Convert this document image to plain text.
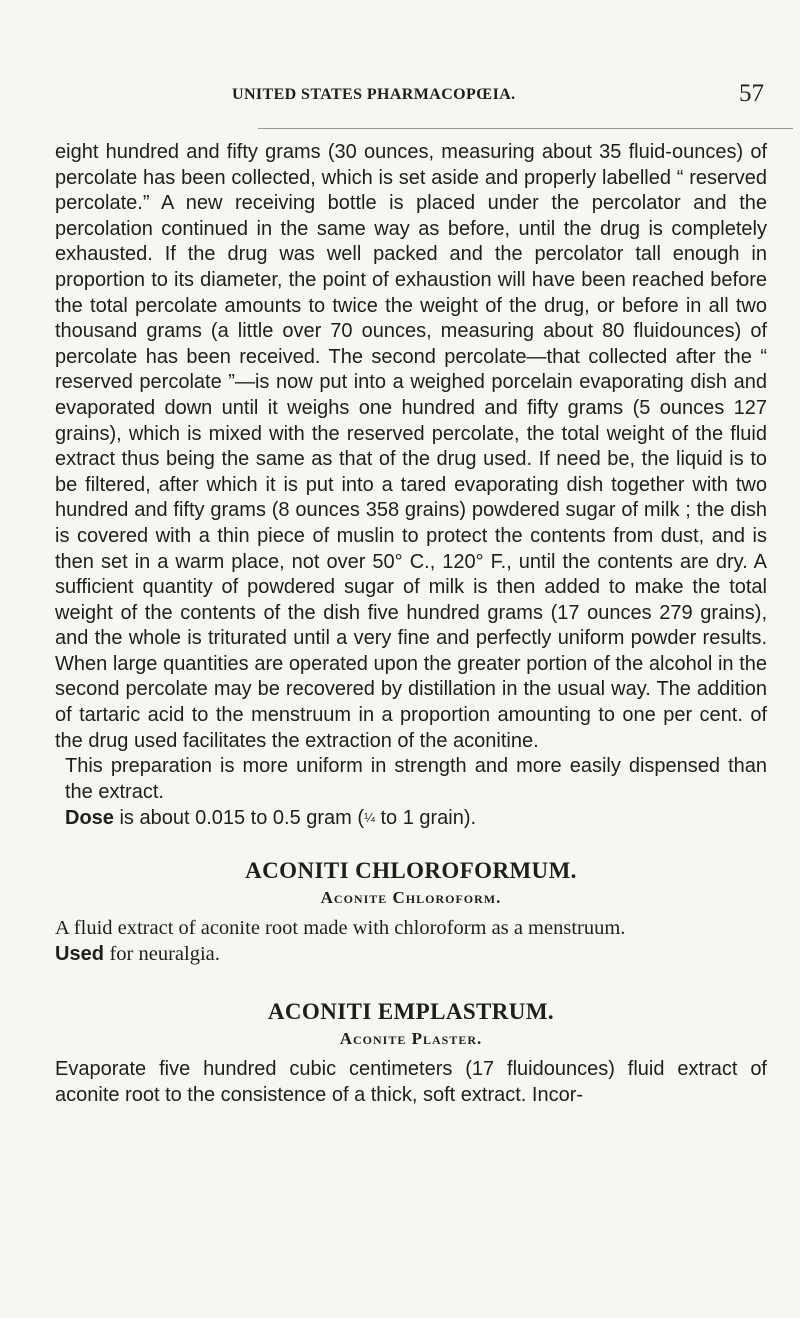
UNITED STATES PHARMACOPŒIA.	57

eight hundred and fifty grams (30 ounces, measuring about 35 fluid-ounces) of percolate has been collected, which is set aside and properly labelled “ reserved percolate.” A new receiving bottle is placed under the percolator and the percolation continued in the same way as before, until the drug is completely exhausted. If the drug was well packed and the percolator tall enough in proportion to its diameter, the point of exhaustion will have been reached before the total percolate amounts to twice the weight of the drug, or before in all two thousand grams (a little over 70 ounces, measuring about 80 fluidounces) of percolate has been received. The second percolate—that collected after the “ reserved percolate ”—is now put into a weighed porcelain evaporating dish and evaporated down until it weighs one hundred and fifty grams (5 ounces 127 grains), which is mixed with the reserved percolate, the total weight of the fluid extract thus being the same as that of the drug used. If need be, the liquid is to be filtered, after which it is put into a tared evaporating dish together with two hundred and fifty grams (8 ounces 358 grains) powdered sugar of milk ; the dish is covered with a thin piece of muslin to protect the contents from dust, and is then set in a warm place, not over 50° C., 120° F., until the contents are dry. A sufficient quantity of powdered sugar of milk is then added to make the total weight of the contents of the dish five hundred grams (17 ounces 279 grains), and the whole is triturated until a very fine and perfectly uniform powder results. When large quantities are operated upon the greater portion of the alcohol in the second percolate may be recovered by distillation in the usual way. The addition of tartaric acid to the menstruum in a proportion amounting to one per cent. of the drug used facilitates the extraction of the aconitine.

This preparation is more uniform in strength and more easily dispensed than the extract.

Dose is about 0.015 to 0.5 gram (¼ to 1 grain).

ACONITI CHLOROFORMUM.
Aconite Chloroform.

A fluid extract of aconite root made with chloroform as a menstruum.

Used for neuralgia.

ACONITI EMPLASTRUM.
Aconite Plaster.

Evaporate five hundred cubic centimeters (17 fluidounces) fluid extract of aconite root to the consistence of a thick, soft extract. Incor-
